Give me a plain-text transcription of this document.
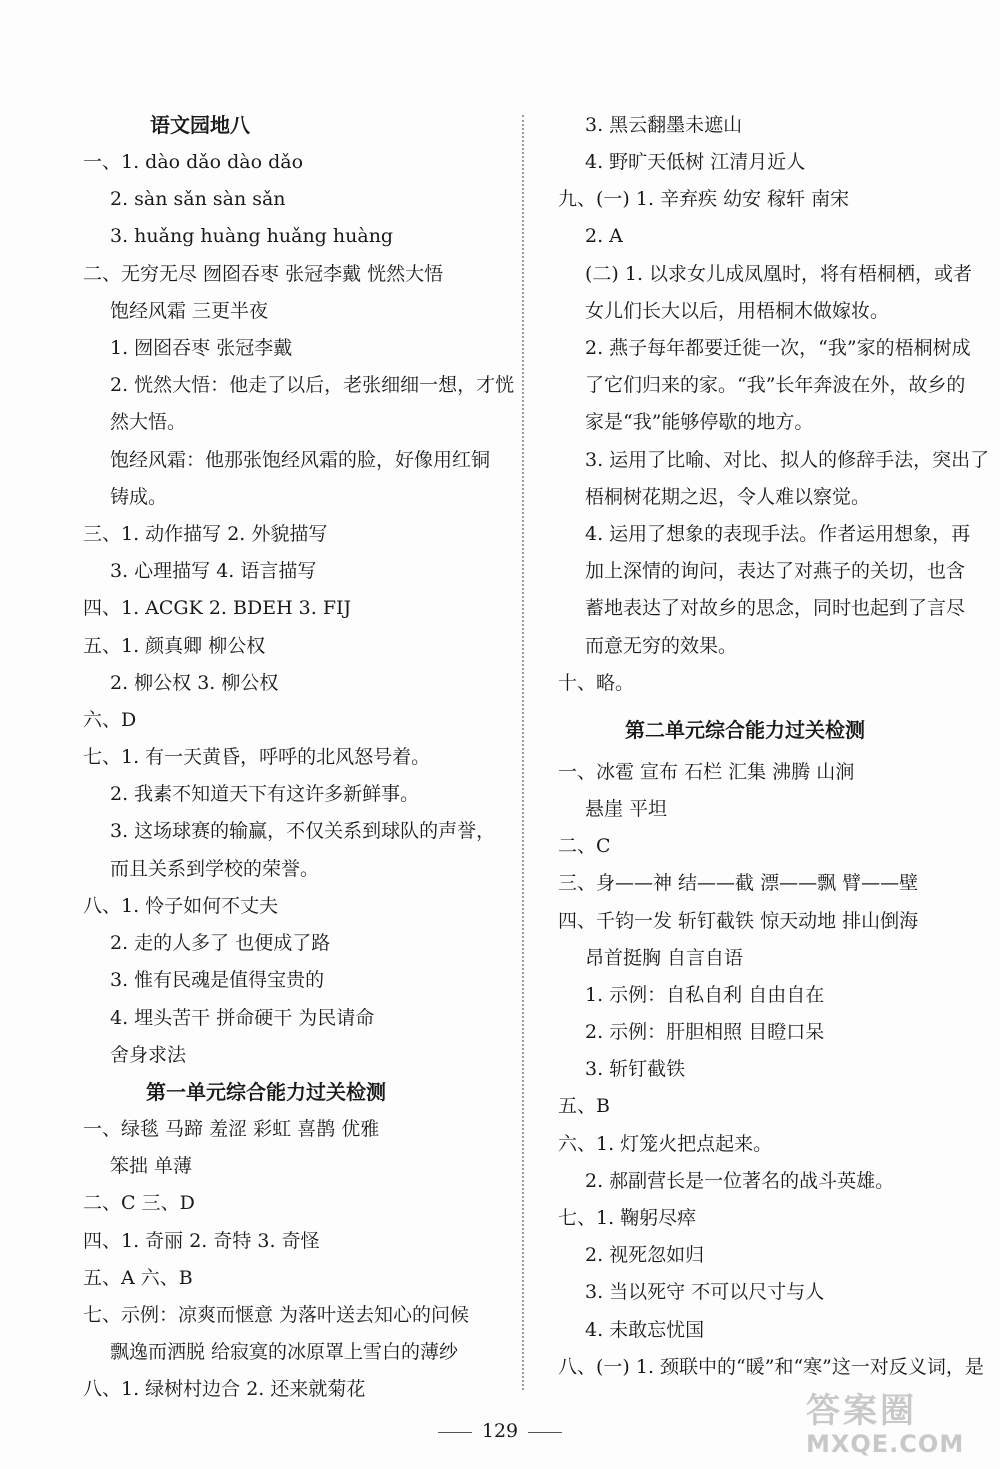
语文园地八
一、1. dào dǎo dào dǎo
2. sàn sǎn sàn sǎn
3. huǎng huàng huǎng huàng
二、无穷无尽 囫囵吞枣 张冠李戴 恍然大悟
饱经风霜 三更半夜
1. 囫囵吞枣 张冠李戴
2. 恍然大悟：他走了以后，老张细细一想，才恍
然大悟。
饱经风霜：他那张饱经风霜的脸，好像用红铜
铸成。
三、1. 动作描写 2. 外貌描写
3. 心理描写 4. 语言描写
四、1. ACGK 2. BDEH 3. FIJ
五、1. 颜真卿 柳公权
2. 柳公权 3. 柳公权
六、D
七、1. 有一天黄昏，呼呼的北风怒号着。
2. 我素不知道天下有这许多新鲜事。
3. 这场球赛的输赢，不仅关系到球队的声誉，
而且关系到学校的荣誉。
八、1. 怜子如何不丈夫
2. 走的人多了 也便成了路
3. 惟有民魂是值得宝贵的
4. 埋头苦干 拼命硬干 为民请命
舍身求法
第一单元综合能力过关检测
一、绿毯 马蹄 羞涩 彩虹 喜鹊 优雅
笨拙 单薄
二、C 三、D
四、1. 奇丽 2. 奇特 3. 奇怪
五、A 六、B
七、示例：凉爽而惬意 为落叶送去知心的问候
飘逸而洒脱 给寂寞的冰原罩上雪白的薄纱
八、1. 绿树村边合 2. 还来就菊花
3. 黑云翻墨未遮山
4. 野旷天低树 江清月近人
九、(一) 1. 辛弃疾 幼安 稼轩 南宋
2. A
(二) 1. 以求女儿成凤凰时，将有梧桐栖，或者
女儿们长大以后，用梧桐木做嫁妆。
2. 燕子每年都要迁徙一次，“我”家的梧桐树成
了它们归来的家。“我”长年奔波在外，故乡的
家是“我”能够停歇的地方。
3. 运用了比喻、对比、拟人的修辞手法，突出了
梧桐树花期之迟，令人难以察觉。
4. 运用了想象的表现手法。作者运用想象，再
加上深情的询问，表达了对燕子的关切，也含
蓄地表达了对故乡的思念，同时也起到了言尽
而意无穷的效果。
十、略。
第二单元综合能力过关检测
一、冰雹 宣布 石栏 汇集 沸腾 山涧
悬崖 平坦
二、C
三、身——神 结——截 漂——飘 臂——壁
四、千钧一发 斩钉截铁 惊天动地 排山倒海
昂首挺胸 自言自语
1. 示例：自私自利 自由自在
2. 示例：肝胆相照 目瞪口呆
3. 斩钉截铁
五、B
六、1. 灯笼火把点起来。
2. 郝副营长是一位著名的战斗英雄。
七、1. 鞠躬尽瘁
2. 视死忽如归
3. 当以死守 不可以尺寸与人
4. 未敢忘忧国
八、(一) 1. 颈联中的“暖”和“寒”这一对反义词，是
129	答案圈
MXQE.COM
